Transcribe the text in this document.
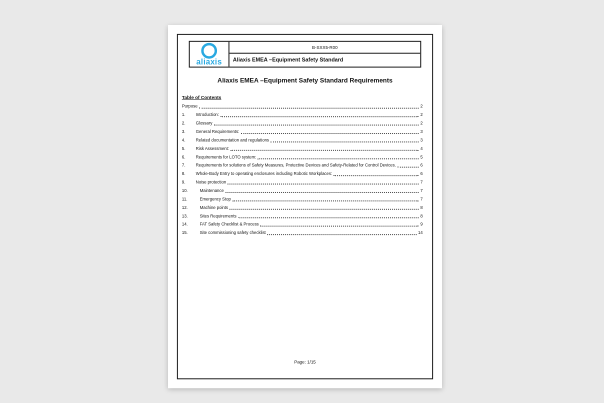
aliaxis
B-SXX5-R00
Aliaxis EMEA –Equipment Safety Standard
Aliaxis EMEA –Equipment Safety Standard Requirements
Table of Contents
Purpose	2
1.	Introduction:	2
2.	Glossary	2
3.	General Requirements:	3
4.	Related documentation and regulations	3
5.	Risk Assessment:	4
6.	Requirements for LOTO system:	5
7.	Requirements for solutions of Safety Measures, Protective Devices and Safety-Related for Control Devices.	6
8.	Whole-Body Entry to operating enclosures including Robotic Workplaces:	6
9.	Noise protection	7
10.	Maintenance	7
11.	Emergency Stop	7
12.	Machine points	8
13.	Sites Requirements	8
14.	FAT Safety Checklist & Process	9
15.	Site commissioning safety checklist	14
Page: 1/15
